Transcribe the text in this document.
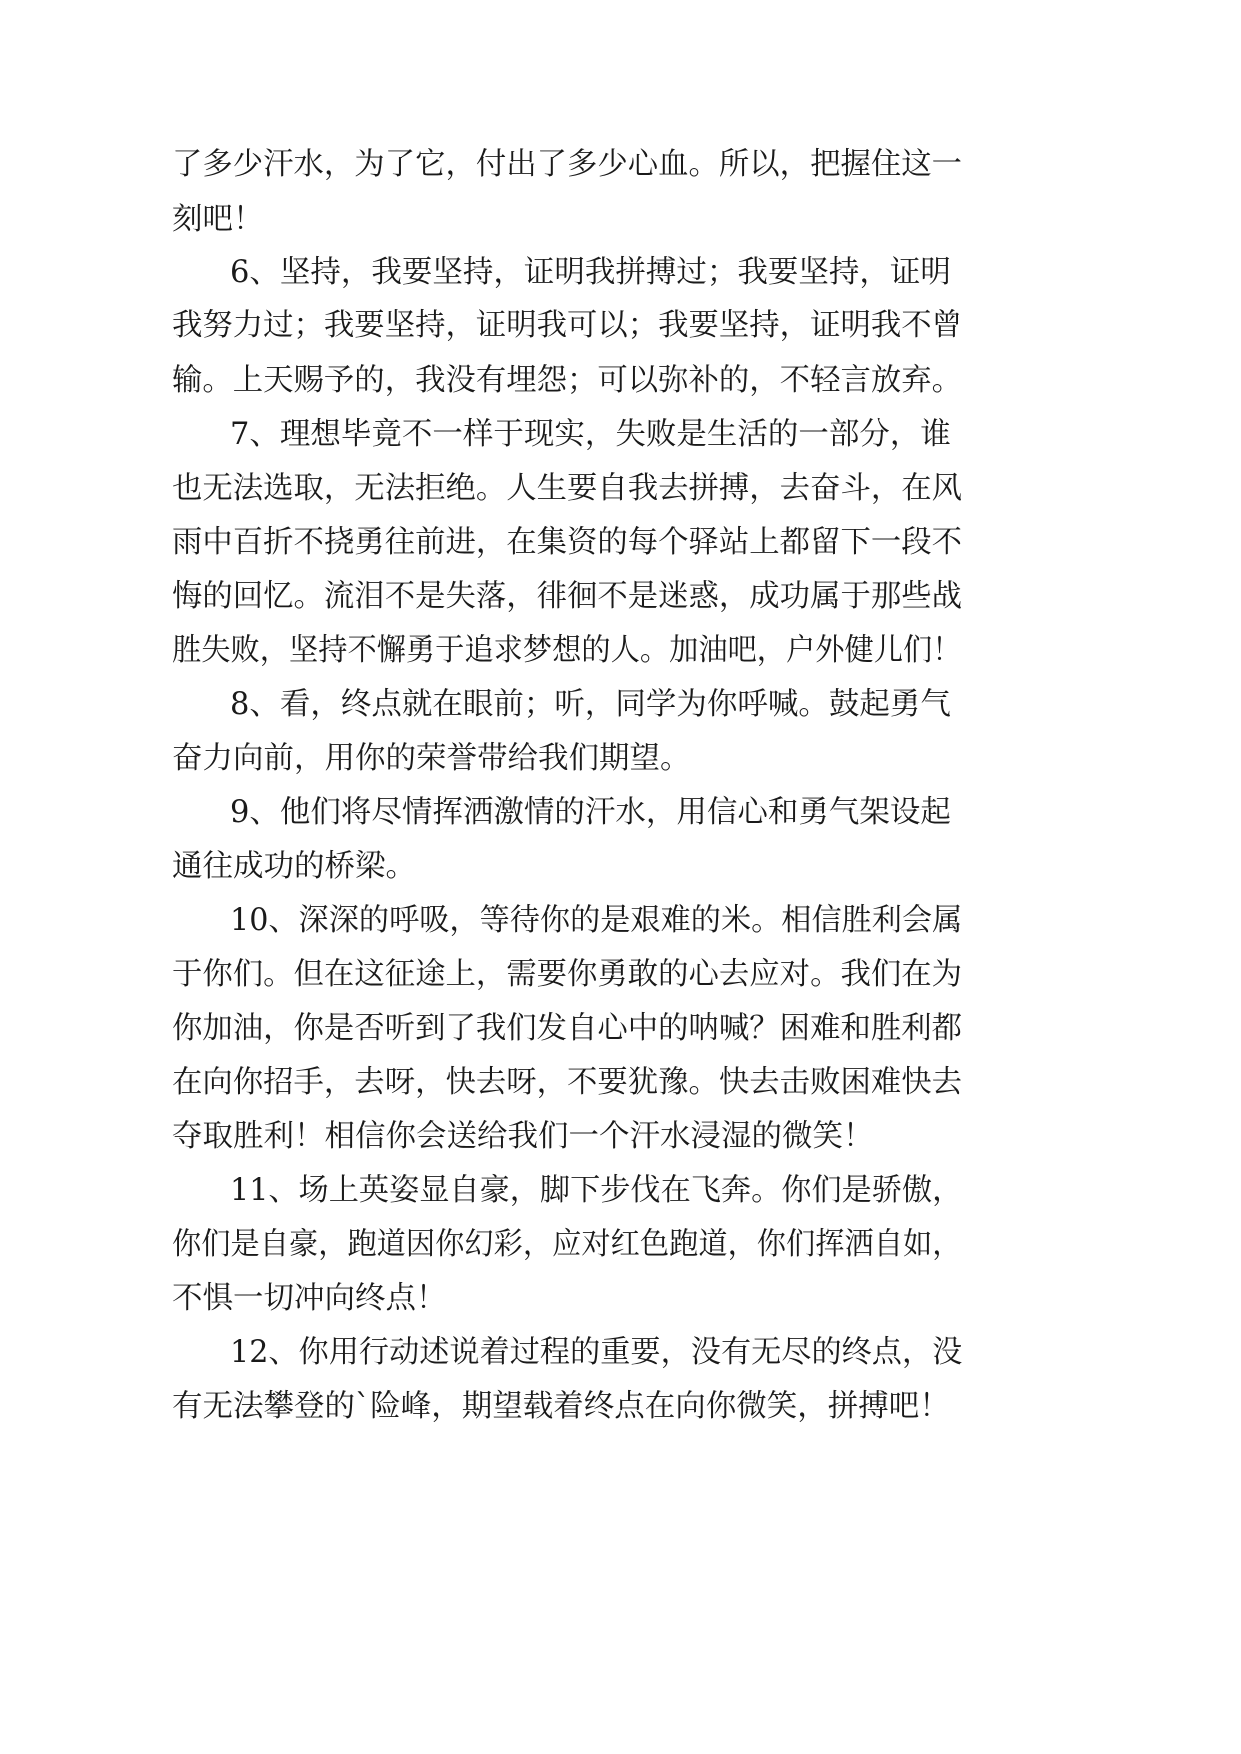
了多少汗水，为了它，付出了多少心血。所以，把握住这一
刻吧！
6、坚持，我要坚持，证明我拼搏过；我要坚持，证明
我努力过；我要坚持，证明我可以；我要坚持，证明我不曾
输。上天赐予的，我没有埋怨；可以弥补的，不轻言放弃。
7、理想毕竟不一样于现实，失败是生活的一部分，谁
也无法选取，无法拒绝。人生要自我去拼搏，去奋斗，在风
雨中百折不挠勇往前进，在集资的每个驿站上都留下一段不
悔的回忆。流泪不是失落，徘徊不是迷惑，成功属于那些战
胜失败，坚持不懈勇于追求梦想的人。加油吧，户外健儿们！
8、看，终点就在眼前；听，同学为你呼喊。鼓起勇气
奋力向前，用你的荣誉带给我们期望。
9、他们将尽情挥洒激情的汗水，用信心和勇气架设起
通往成功的桥梁。
10、深深的呼吸，等待你的是艰难的米。相信胜利会属
于你们。但在这征途上，需要你勇敢的心去应对。我们在为
你加油，你是否听到了我们发自心中的呐喊？困难和胜利都
在向你招手，去呀，快去呀，不要犹豫。快去击败困难快去
夺取胜利！相信你会送给我们一个汗水浸湿的微笑！
11、场上英姿显自豪，脚下步伐在飞奔。你们是骄傲，
你们是自豪，跑道因你幻彩，应对红色跑道，你们挥洒自如，
不惧一切冲向终点！
12、你用行动述说着过程的重要，没有无尽的终点，没
有无法攀登的`险峰，期望载着终点在向你微笑，拼搏吧！
